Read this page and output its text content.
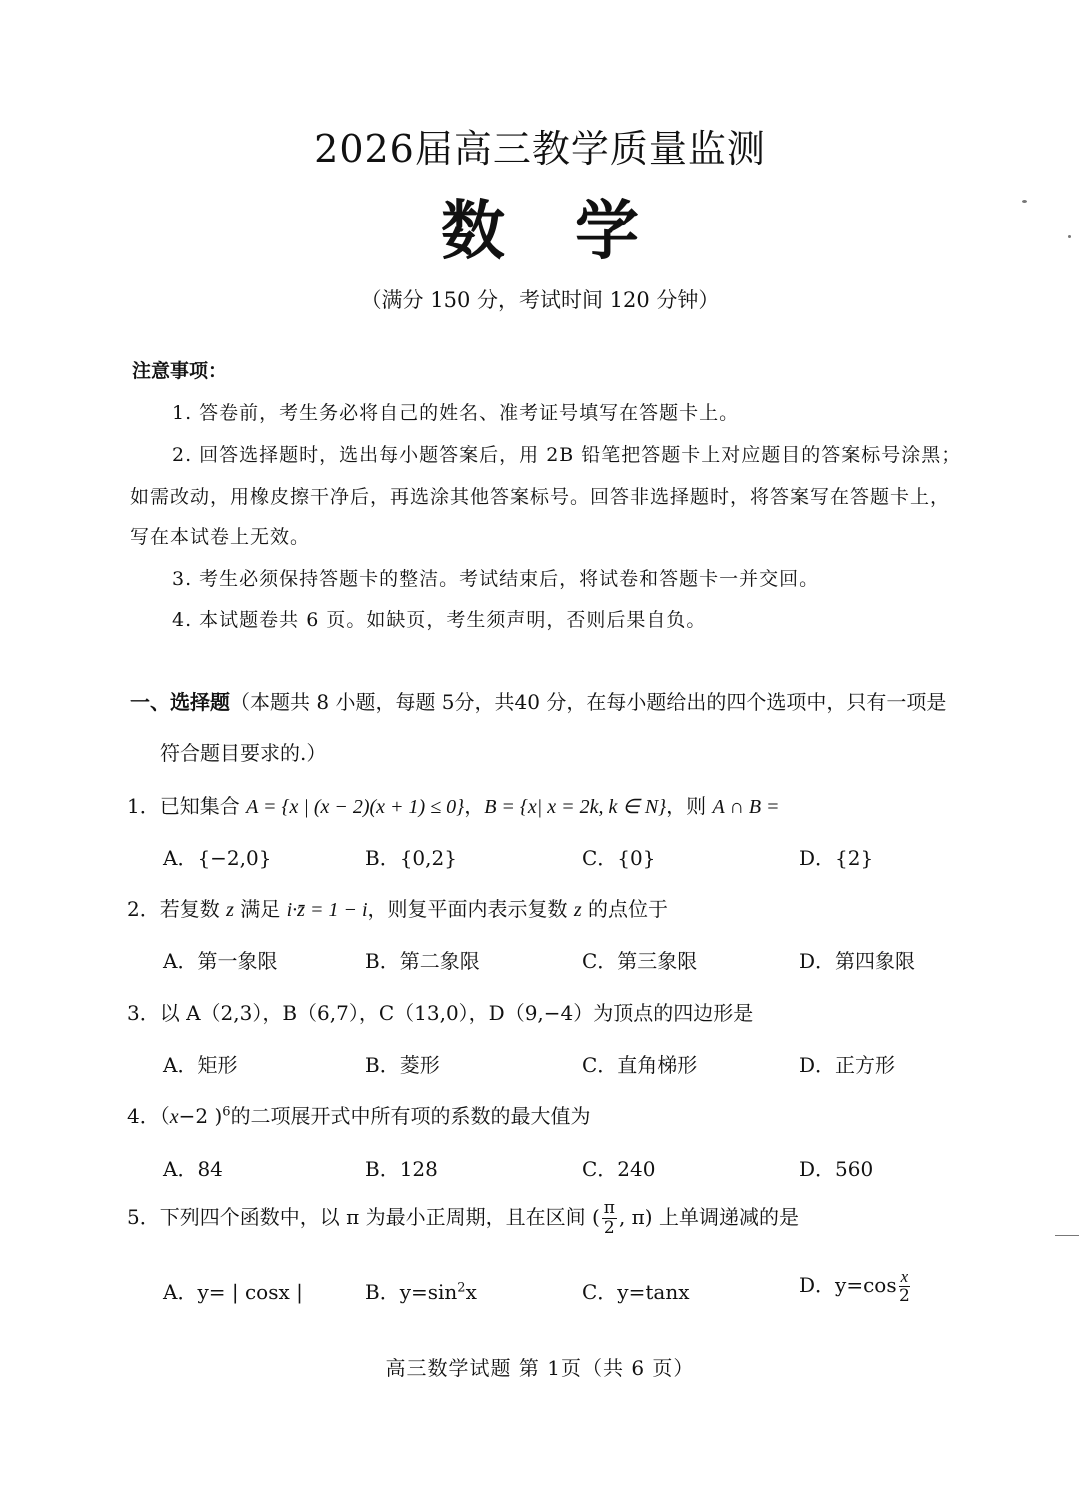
2026届高三教学质量监测
数学
（满分 150 分，考试时间 120 分钟）
注意事项：
1. 答卷前，考生务必将自己的姓名、准考证号填写在答题卡上。
2. 回答选择题时，选出每小题答案后，用 2B 铅笔把答题卡上对应题目的答案标号涂黑；
如需改动，用橡皮擦干净后，再选涂其他答案标号。回答非选择题时，将答案写在答题卡上，
写在本试卷上无效。
3. 考生必须保持答题卡的整洁。考试结束后，将试卷和答题卡一并交回。
4. 本试题卷共 6 页。如缺页，考生须声明，否则后果自负。
一、选择题（本题共 8 小题，每题 5分，共40 分，在每小题给出的四个选项中，只有一项是
符合题目要求的.）
1．已知集合 A = {x | (x − 2)(x + 1) ≤ 0}，B = {x| x = 2k, k ∈ N}，则 A ∩ B =
A．{−2,0}	B．{0,2}	C．{0}	D．{2}
2．若复数 z 满足 i·z̄ = 1 − i，则复平面内表示复数 z 的点位于
A．第一象限	B．第二象限	C．第三象限	D．第四象限
3．以 A（2,3），B（6,7），C（13,0），D（9,−4）为顶点的四边形是
A．矩形	B．菱形	C．直角梯形	D．正方形
4．（x−2 )$^6$的二项展开式中所有项的系数的最大值为
A．84	B．128	C．240	D．560
5．下列四个函数中，以 π 为最小正周期，且在区间 ( $\frac{\pi}{2}$ , π) 上单调递减的是
A．y= | cosx |	B．$y=\sin^2x$	C．y=tanx	D．$y=\cos \frac{x}{2}$
高三数学试题 第 1页（共 6 页）
